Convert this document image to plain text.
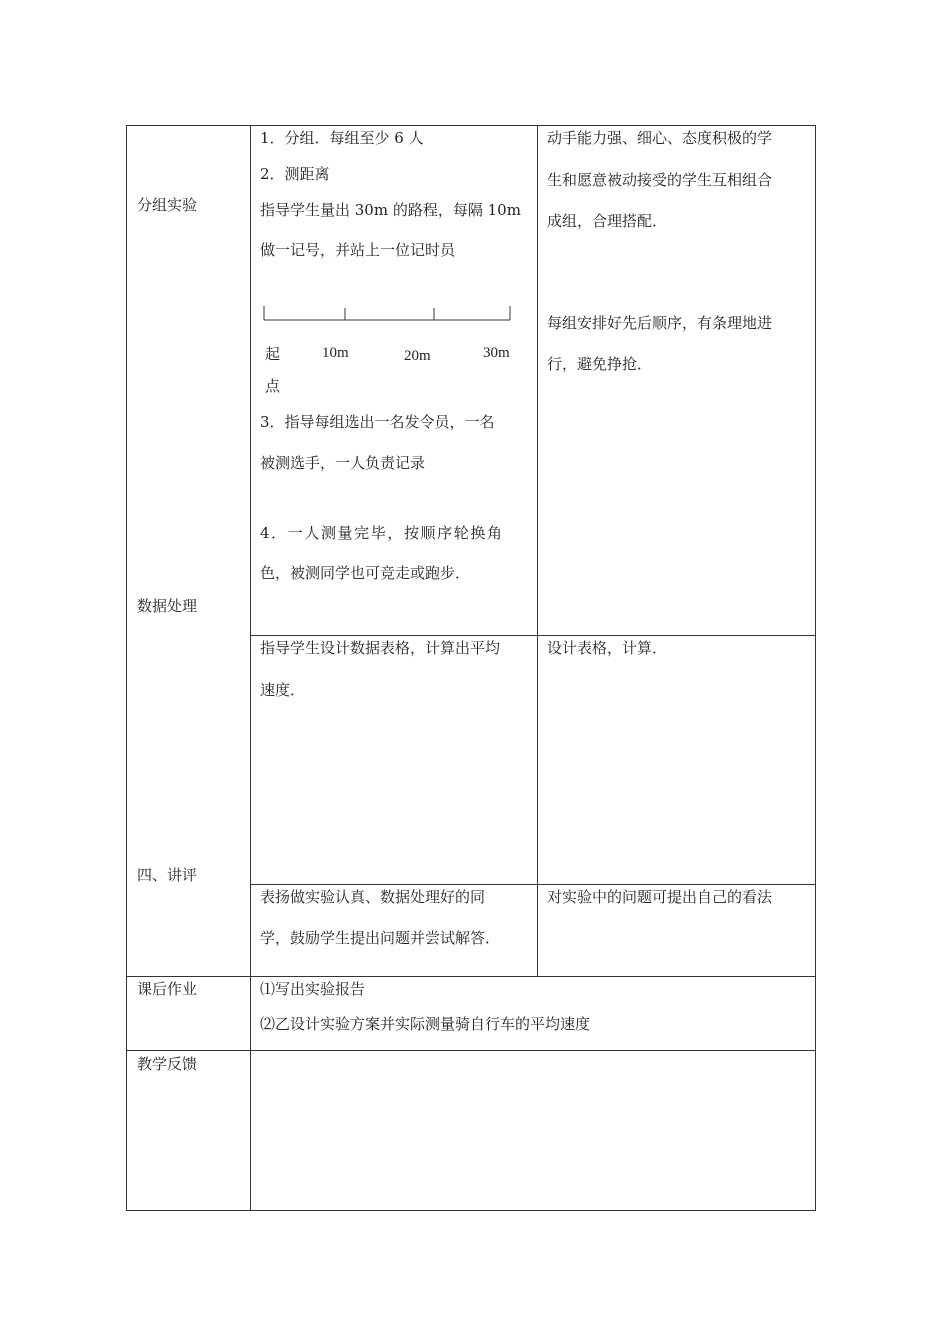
分组实验
数据处理
四、讲评
课后作业
教学反馈
1．分组．每组至少 6 人
2．测距离
指导学生量出 30m 的路程，每隔 10m
做一记号，并站上一位记时员
起
点
10m	20m	30m
3．指导每组选出一名发令员，一名
被测选手，一人负责记录
4．一人测量完毕，按顺序轮换角
色，被测同学也可竞走或跑步．
指导学生设计数据表格，计算出平均
速度．
表扬做实验认真、数据处理好的同
学，鼓励学生提出问题并尝试解答．
动手能力强、细心、态度积极的学
生和愿意被动接受的学生互相组合
成组，合理搭配．
每组安排好先后顺序，有条理地进
行，避免挣抢．
设计表格，计算．
对实验中的问题可提出自己的看法
⑴写出实验报告
⑵乙设计实验方案并实际测量骑自行车的平均速度
